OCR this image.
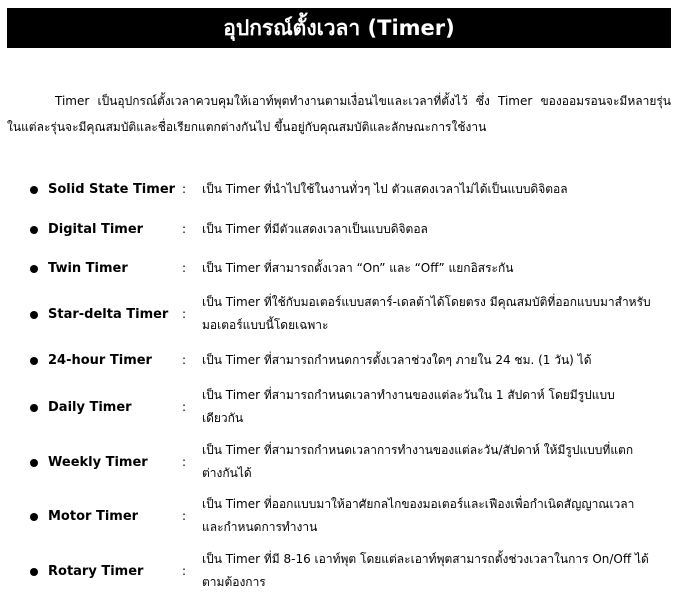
อุปกรณ์ตั้งเวลา (Timer)

Timer เป็นอุปกรณ์ตั้งเวลาควบคุมให้เอาท์พุตทำงานตามเงื่อนไขและเวลาที่ตั้งไว้ ซึ่ง Timer ของออมรอนจะมีหลายรุ่น ในแต่ละรุ่นจะมีคุณสมบัติและชื่อเรียกแตกต่างกันไป ขึ้นอยู่กับคุณสมบัติและลักษณะการใช้งาน

Solid State Timer : เป็น Timer ที่นำไปใช้ในงานทั่วๆ ไป ตัวแสดงเวลาไม่ได้เป็นแบบดิจิตอล

Digital Timer	: เป็น Timer ที่มีตัวแสดงเวลาเป็นแบบดิจิตอล

Twin Timer	: เป็น Timer ที่สามารถตั้งเวลา “On” และ “Off” แยกอิสระกัน

Star-delta Timer :

เป็น Timer ที่ใช้กับมอเตอร์แบบสตาร์-เดลต้าได้โดยตรง มีคุณสมบัติที่ออกแบบมาสำหรับมอเตอร์แบบนี้โดยเฉพาะ

24-hour Timer	: เป็น Timer ที่สามารถกำหนดการตั้งเวลาช่วงใดๆ ภายใน 24 ชม. (1 วัน) ได้

Daily Timer	:

เป็น Timer ที่สามารถกำหนดเวลาทำงานของแต่ละวันใน 1 สัปดาห์ โดยมีรูปแบบเดียวกัน

Weekly Timer	:

เป็น Timer ที่สามารถกำหนดเวลาการทำงานของแต่ละวัน/สัปดาห์ ให้มีรูปแบบที่แตกต่างกันได้

Motor Timer	:

เป็น Timer ที่ออกแบบมาให้อาศัยกลไกของมอเตอร์และเฟืองเพื่อกำเนิดสัญญาณเวลาและกำหนดการทำงาน

Rotary Timer	:

เป็น Timer ที่มี 8-16 เอาท์พุต โดยแต่ละเอาท์พุตสามารถตั้งช่วงเวลาในการ On/Off ได้ตามต้องการ
